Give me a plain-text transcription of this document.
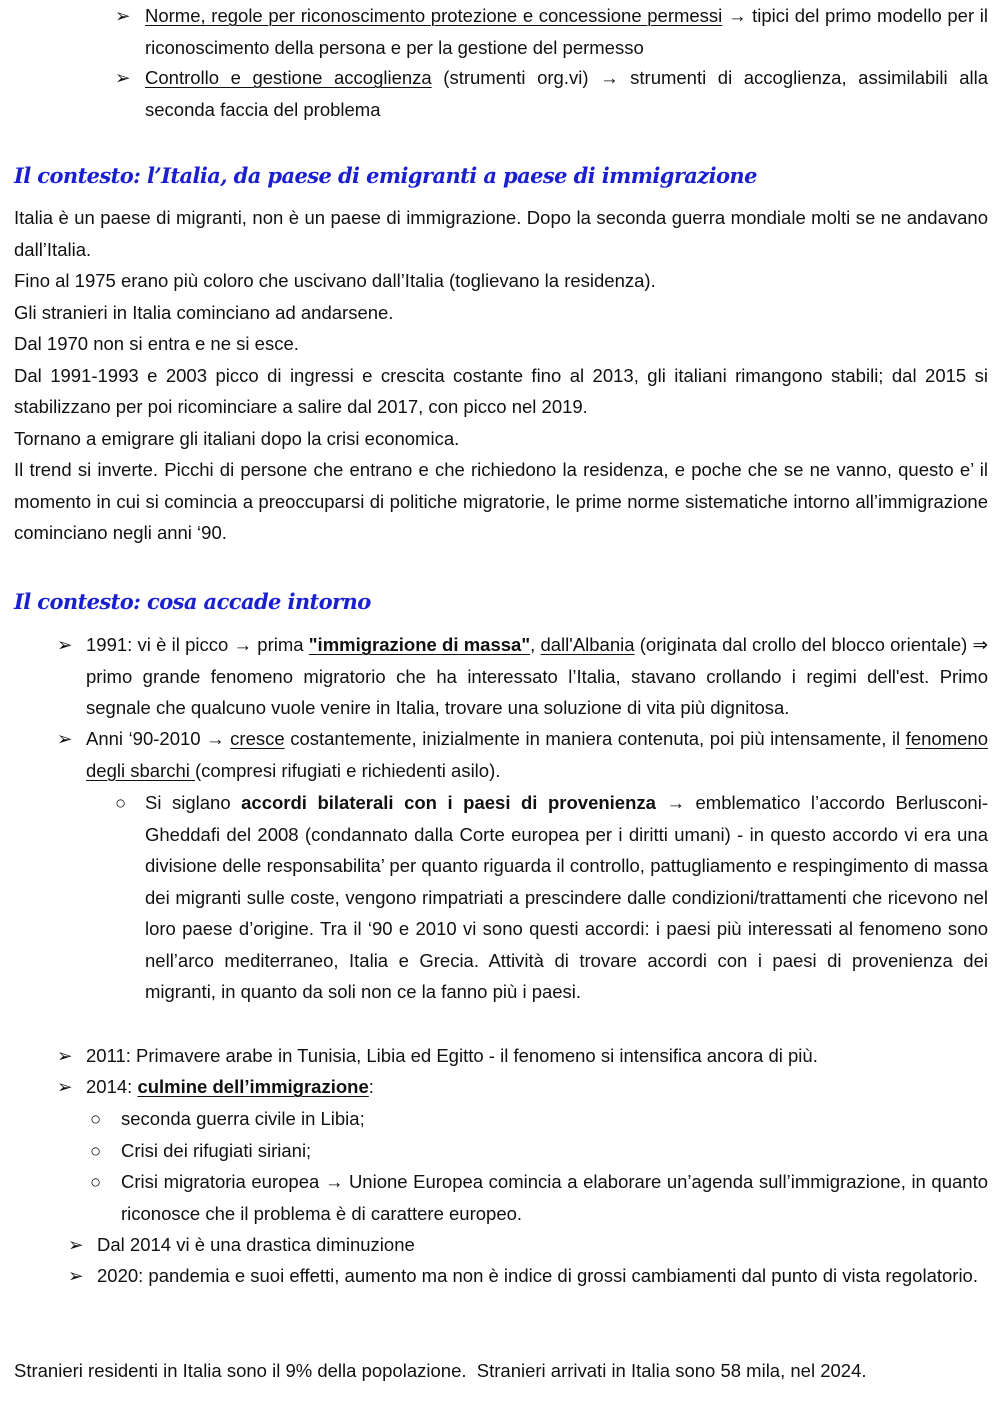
➢ Norme, regole per riconoscimento protezione e concessione permessi → tipici del primo modello per il riconoscimento della persona e per la gestione del permesso

➢ Controllo e gestione accoglienza (strumenti org.vi) → strumenti di accoglienza, assimilabili alla seconda faccia del problema

Il contesto: l’Italia, da paese di emigranti a paese di immigrazione

Italia è un paese di migranti, non è un paese di immigrazione. Dopo la seconda guerra mondiale molti se ne andavano dall’Italia.

Fino al 1975 erano più coloro che uscivano dall’Italia (toglievano la residenza).

Gli stranieri in Italia cominciano ad andarsene.

Dal 1970 non si entra e ne si esce.

Dal 1991-1993 e 2003 picco di ingressi e crescita costante fino al 2013, gli italiani rimangono stabili; dal 2015 si stabilizzano per poi ricominciare a salire dal 2017, con picco nel 2019.

Tornano a emigrare gli italiani dopo la crisi economica.

Il trend si inverte. Picchi di persone che entrano e che richiedono la residenza, e poche che se ne vanno, questo e’ il momento in cui si comincia a preoccuparsi di politiche migratorie, le prime norme sistematiche intorno all’immigrazione cominciano negli anni ‘90.

Il contesto: cosa accade intorno
➢ 1991: vi è il picco → prima "immigrazione di massa", dall'Albania (originata dal crollo del blocco orientale) ⇒ primo grande fenomeno migratorio che ha interessato l’Italia, stavano crollando i regimi dell'est. Primo segnale che qualcuno vuole venire in Italia, trovare una soluzione di vita più dignitosa.

➢ Anni ‘90-2010 → cresce costantemente, inizialmente in maniera contenuta, poi più intensamente, il fenomeno degli sbarchi (compresi rifugiati e richiedenti asilo).

○	Si siglano accordi bilaterali con i paesi di provenienza → emblematico l’accordo Berlusconi-Gheddafi del 2008 (condannato dalla Corte europea per i diritti umani) - in questo accordo vi era una divisione delle responsabilita’ per quanto riguarda il controllo, pattugliamento e respingimento di massa dei migranti sulle coste, vengono rimpatriati a prescindere dalle condizioni/trattamenti che ricevono nel loro paese d’origine. Tra il ‘90 e 2010 vi sono questi accordi: i paesi più interessati al fenomeno sono nell’arco mediterraneo, Italia e Grecia. Attività di trovare accordi con i paesi di provenienza dei migranti, in quanto da soli non ce la fanno più i paesi.

➢ 2011: Primavere arabe in Tunisia, Libia ed Egitto - il fenomeno si intensifica ancora di più.

➢ 2014: culmine dell’immigrazione:

○	seconda guerra civile in Libia;

○	Crisi dei rifugiati siriani;

○	Crisi migratoria europea → Unione Europea comincia a elaborare un’agenda sull’immigrazione, in quanto riconosce che il problema è di carattere europeo.

➢ Dal 2014 vi è una drastica diminuzione

➢ 2020: pandemia e suoi effetti, aumento ma non è indice di grossi cambiamenti dal punto di vista regolatorio.

Stranieri residenti in Italia sono il 9% della popolazione.  Stranieri arrivati in Italia sono 58 mila, nel 2024.
